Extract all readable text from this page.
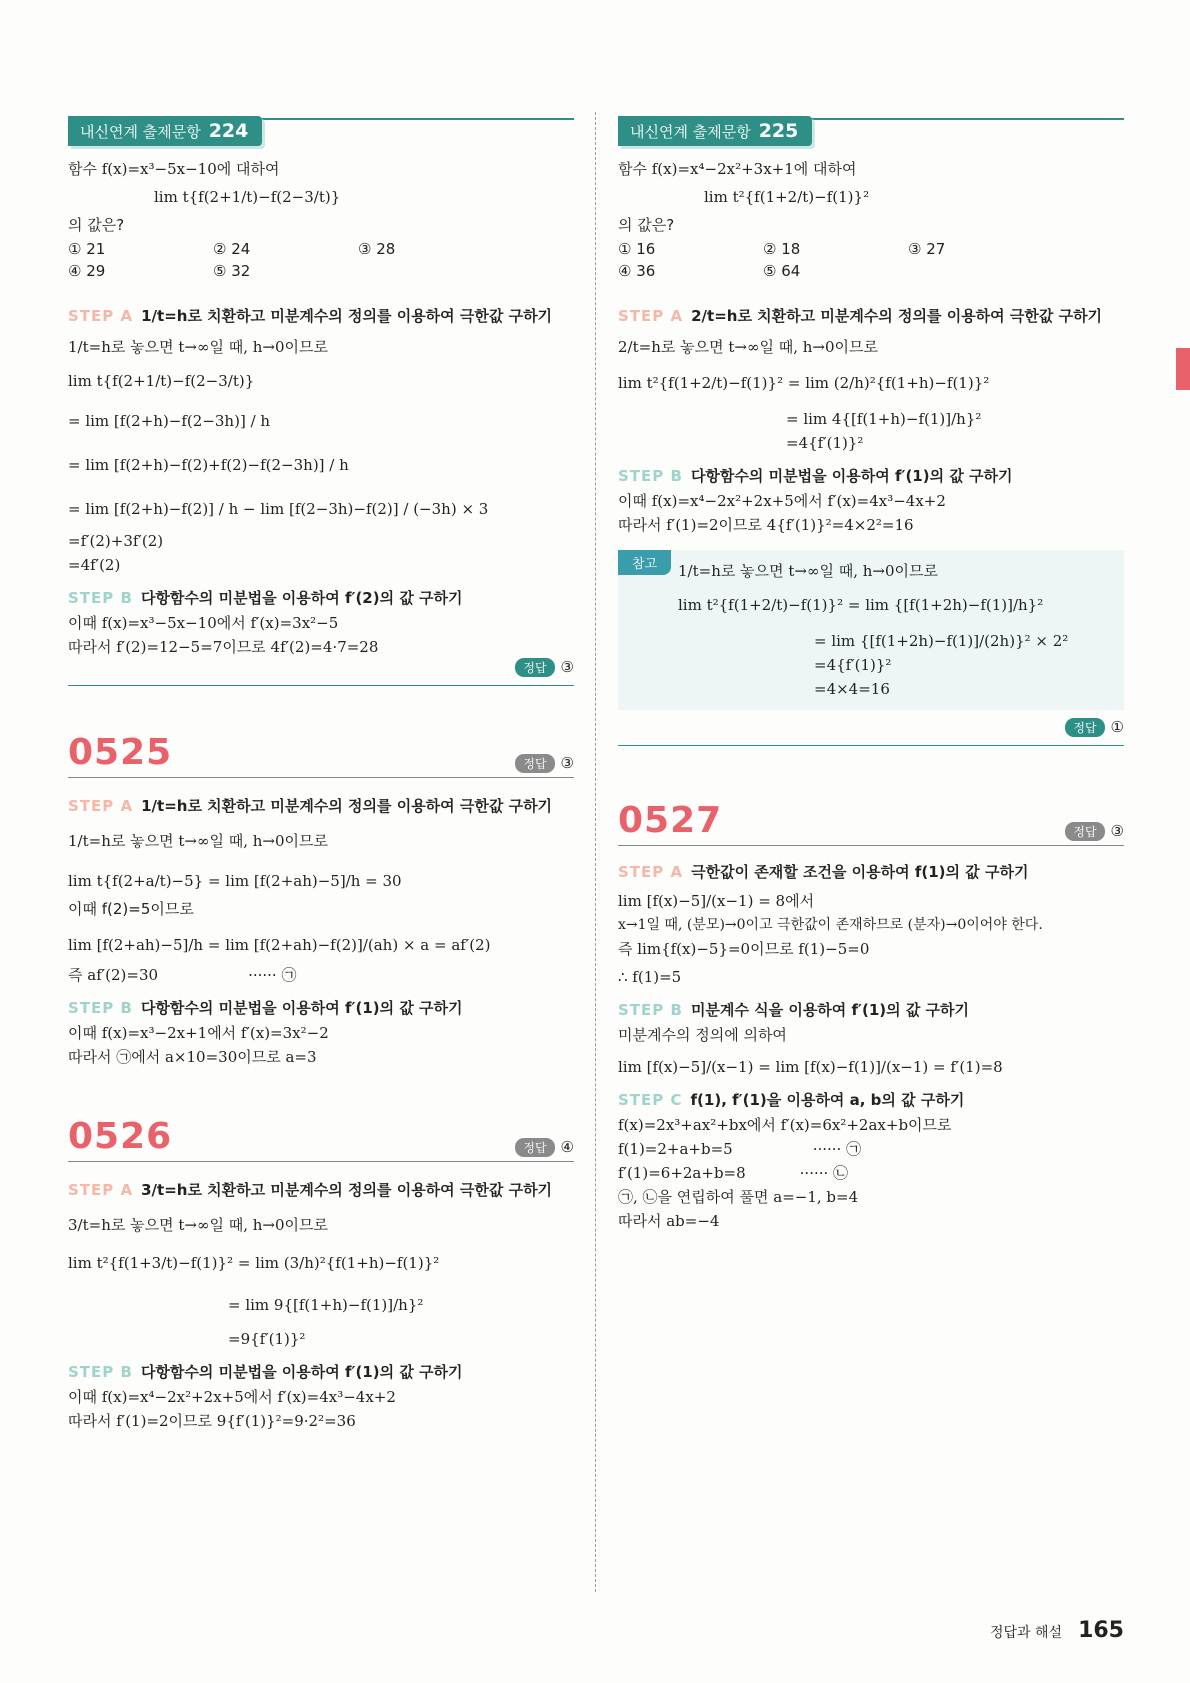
내신연계 출제문항 224
함수 f(x)=x³−5x−10에 대하여
lim t{f(2+1/t)−f(2−3/t)}
의 값은?
① 21	② 24	③ 28
④ 29	⑤ 32
STEP A 1/t=h로 치환하고 미분계수의 정의를 이용하여 극한값 구하기
1/t=h로 놓으면 t→∞일 때, h→0이므로
lim t{f(2+1/t)−f(2−3/t)}
= lim [f(2+h)−f(2−3h)] / h
= lim [f(2+h)−f(2)+f(2)−f(2−3h)] / h
= lim [f(2+h)−f(2)] / h − lim [f(2−3h)−f(2)] / (−3h) × 3
=f′(2)+3f′(2)
=4f′(2)
STEP B 다항함수의 미분법을 이용하여 f′(2)의 값 구하기
이때 f(x)=x³−5x−10에서 f′(x)=3x²−5
따라서 f′(2)=12−5=7이므로 4f′(2)=4·7=28
정답 ③
0525	정답 ③
STEP A 1/t=h로 치환하고 미분계수의 정의를 이용하여 극한값 구하기
1/t=h로 놓으면 t→∞일 때, h→0이므로
lim t{f(2+a/t)−5} = lim [f(2+ah)−5]/h = 30
이때 f(2)=5이므로
lim [f(2+ah)−5]/h = lim [f(2+ah)−f(2)]/(ah) × a = af′(2)
즉 af′(2)=30	······ ㉠
STEP B 다항함수의 미분법을 이용하여 f′(1)의 값 구하기
이때 f(x)=x³−2x+1에서 f′(x)=3x²−2
따라서 ㉠에서 a×10=30이므로 a=3
0526	정답 ④
STEP A 3/t=h로 치환하고 미분계수의 정의를 이용하여 극한값 구하기
3/t=h로 놓으면 t→∞일 때, h→0이므로
lim t²{f(1+3/t)−f(1)}² = lim (3/h)²{f(1+h)−f(1)}²
= lim 9{[f(1+h)−f(1)]/h}²
=9{f′(1)}²
STEP B 다항함수의 미분법을 이용하여 f′(1)의 값 구하기
이때 f(x)=x⁴−2x²+2x+5에서 f′(x)=4x³−4x+2
따라서 f′(1)=2이므로 9{f′(1)}²=9·2²=36
내신연계 출제문항 225
함수 f(x)=x⁴−2x²+3x+1에 대하여
lim t²{f(1+2/t)−f(1)}²
의 값은?
① 16	② 18	③ 27
④ 36	⑤ 64
STEP A 2/t=h로 치환하고 미분계수의 정의를 이용하여 극한값 구하기
2/t=h로 놓으면 t→∞일 때, h→0이므로
lim t²{f(1+2/t)−f(1)}² = lim (2/h)²{f(1+h)−f(1)}²
= lim 4{[f(1+h)−f(1)]/h}²
=4{f′(1)}²
STEP B 다항함수의 미분법을 이용하여 f′(1)의 값 구하기
이때 f(x)=x⁴−2x²+2x+5에서 f′(x)=4x³−4x+2
따라서 f′(1)=2이므로 4{f′(1)}²=4×2²=16
참고	1/t=h로 놓으면 t→∞일 때, h→0이므로
lim t²{f(1+2/t)−f(1)}² = lim {[f(1+2h)−f(1)]/h}²
= lim {[f(1+2h)−f(1)]/(2h)}² × 2²
=4{f′(1)}²
=4×4=16
정답 ①
0527	정답 ③
STEP A 극한값이 존재할 조건을 이용하여 f(1)의 값 구하기
lim [f(x)−5]/(x−1) = 8에서
x→1일 때, (분모)→0이고 극한값이 존재하므로 (분자)→0이어야 한다.
즉 lim{f(x)−5}=0이므로 f(1)−5=0
∴ f(1)=5
STEP B 미분계수 식을 이용하여 f′(1)의 값 구하기
미분계수의 정의에 의하여
lim [f(x)−5]/(x−1) = lim [f(x)−f(1)]/(x−1) = f′(1)=8
STEP C f(1), f′(1)을 이용하여 a, b의 값 구하기
f(x)=2x³+ax²+bx에서 f′(x)=6x²+2ax+b이므로
f(1)=2+a+b=5	······ ㉠
f′(1)=6+2a+b=8	······ ㉡
㉠, ㉡을 연립하여 풀면 a=−1, b=4
따라서 ab=−4
정답과 해설 165
